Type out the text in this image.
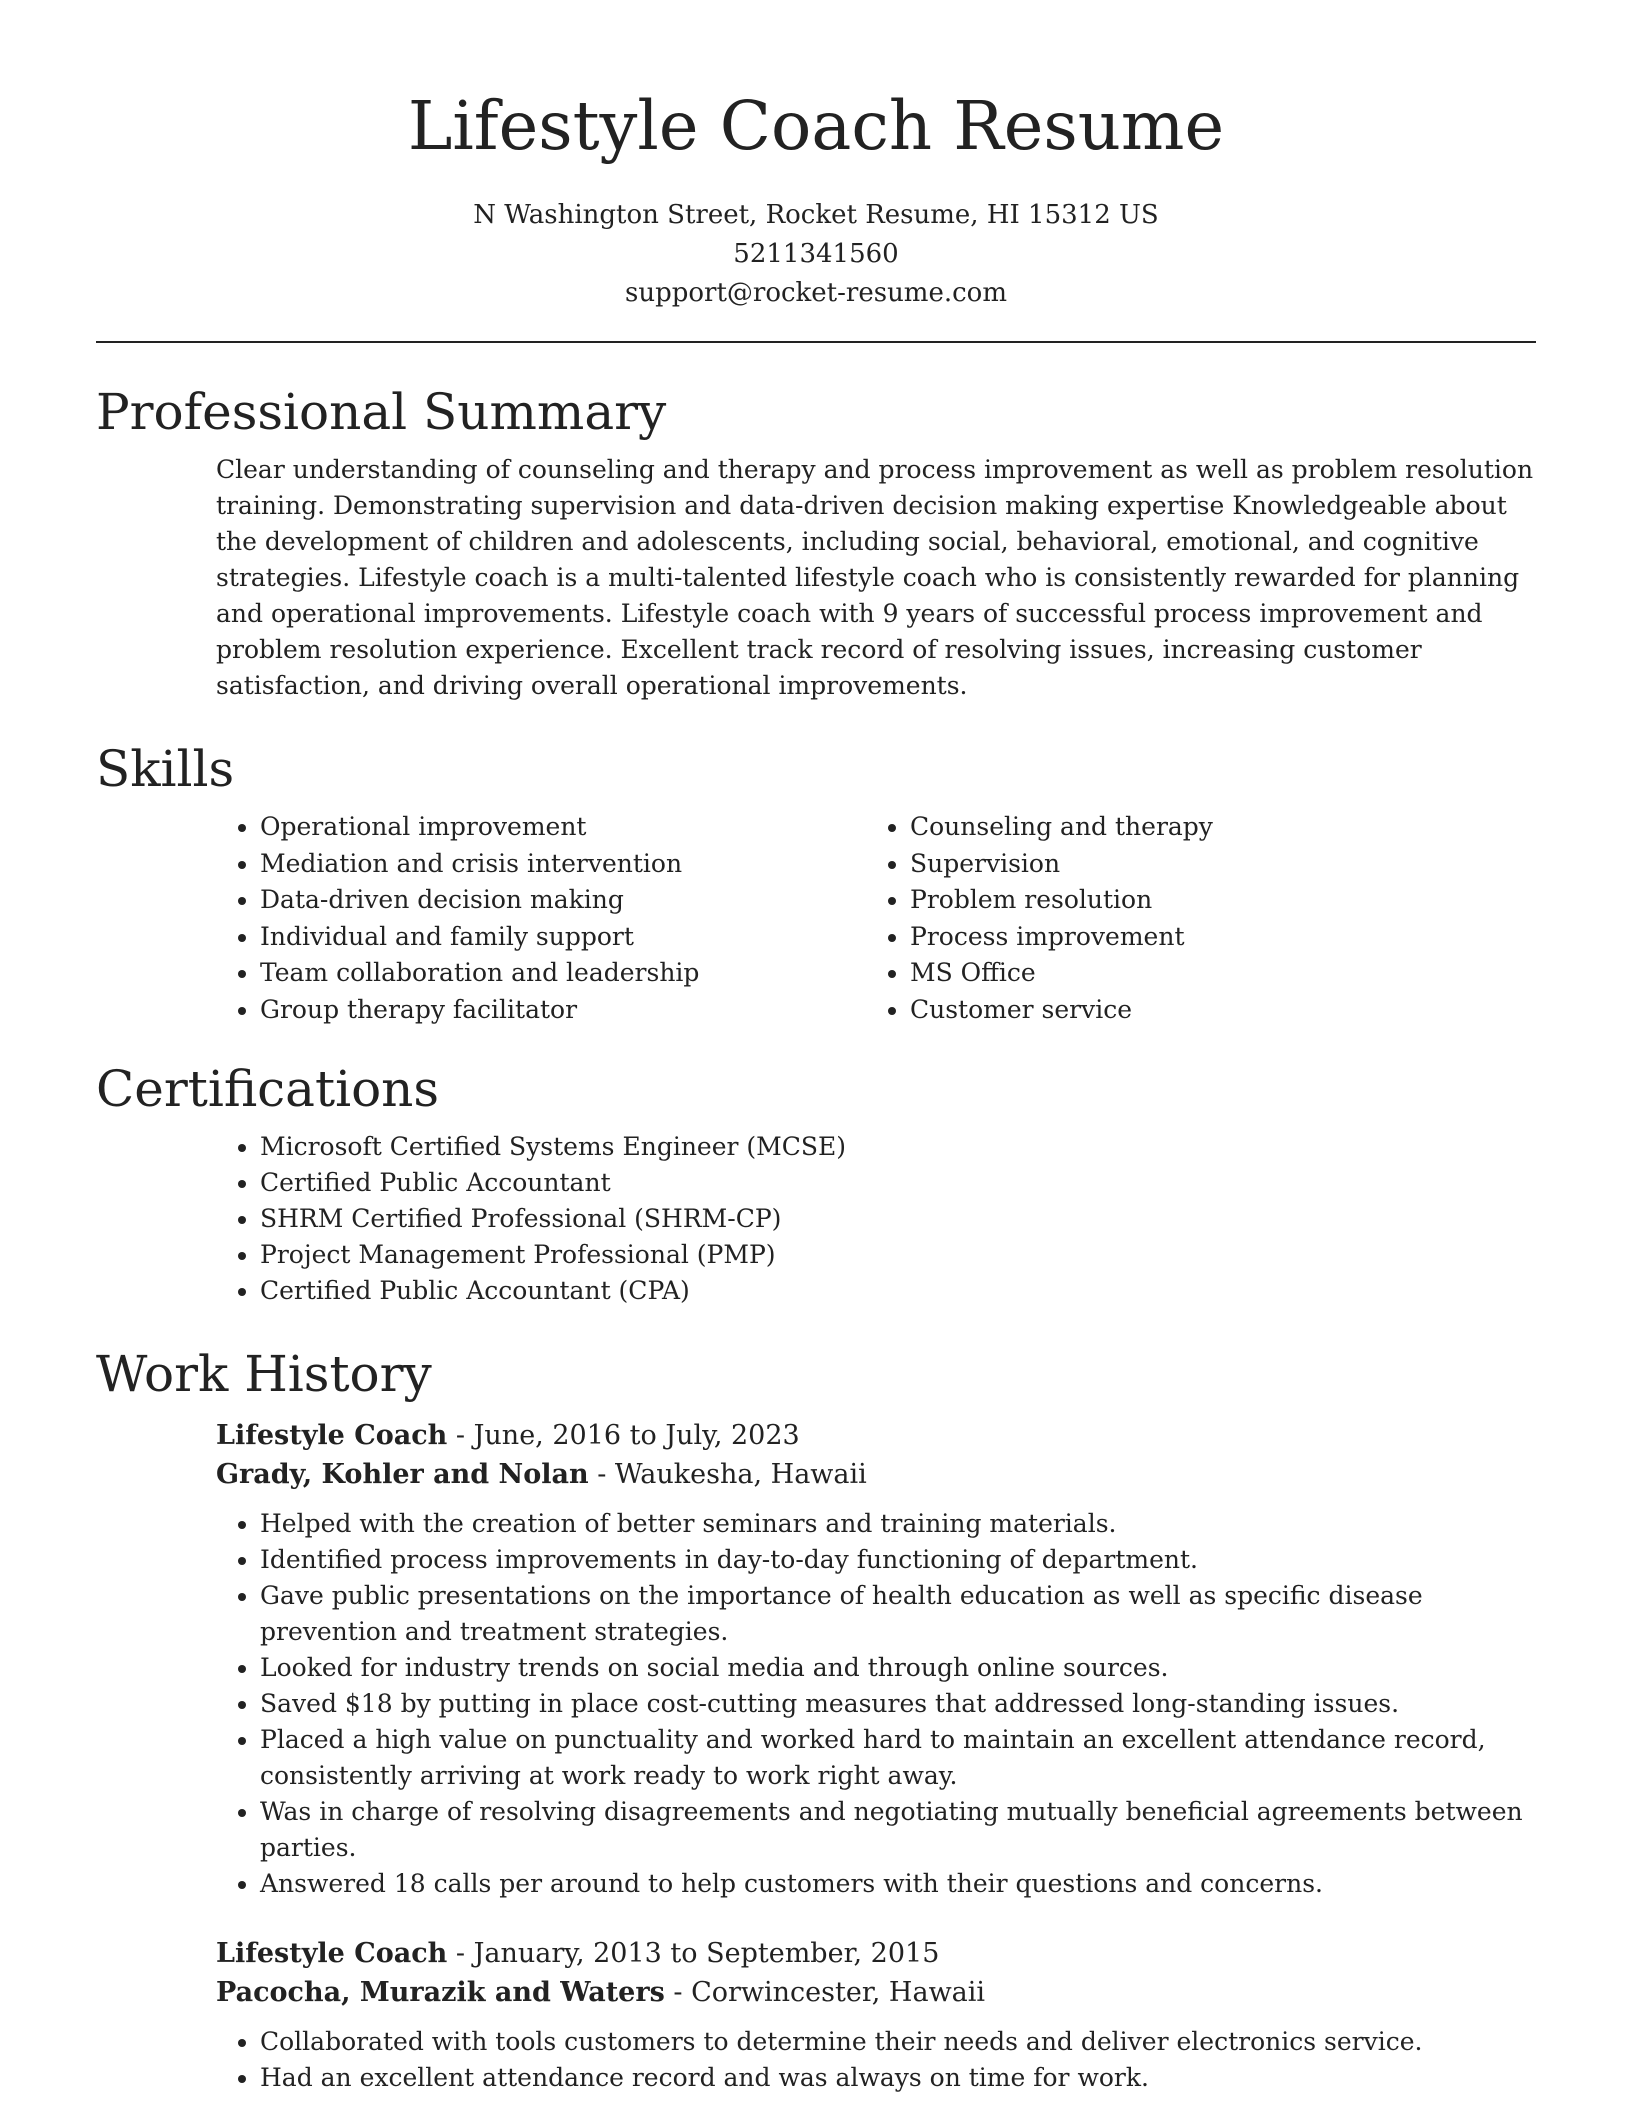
Lifestyle Coach Resume
N Washington Street, Rocket Resume, HI 15312 US
5211341560
support@rocket-resume.com
Professional Summary
Clear understanding of counseling and therapy and process improvement as well as problem resolution training. Demonstrating supervision and data-driven decision making expertise Knowledgeable about the development of children and adolescents, including social, behavioral, emotional, and cognitive strategies. Lifestyle coach is a multi-talented lifestyle coach who is consistently rewarded for planning and operational improvements. Lifestyle coach with 9 years of successful process improvement and problem resolution experience. Excellent track record of resolving issues, increasing customer satisfaction, and driving overall operational improvements.
Skills
• Operational improvement
• Mediation and crisis intervention
• Data-driven decision making
• Individual and family support
• Team collaboration and leadership
• Group therapy facilitator
• Counseling and therapy
• Supervision
• Problem resolution
• Process improvement
• MS Office
• Customer service
Certifications
• Microsoft Certified Systems Engineer (MCSE)
• Certified Public Accountant
• SHRM Certified Professional (SHRM-CP)
• Project Management Professional (PMP)
• Certified Public Accountant (CPA)
Work History
Lifestyle Coach - June, 2016 to July, 2023
Grady, Kohler and Nolan - Waukesha, Hawaii
• Helped with the creation of better seminars and training materials.
• Identified process improvements in day-to-day functioning of department.
• Gave public presentations on the importance of health education as well as specific disease prevention and treatment strategies.
• Looked for industry trends on social media and through online sources.
• Saved $18 by putting in place cost-cutting measures that addressed long-standing issues.
• Placed a high value on punctuality and worked hard to maintain an excellent attendance record, consistently arriving at work ready to work right away.
• Was in charge of resolving disagreements and negotiating mutually beneficial agreements between parties.
• Answered 18 calls per around to help customers with their questions and concerns.
Lifestyle Coach - January, 2013 to September, 2015
Pacocha, Murazik and Waters - Corwincester, Hawaii
• Collaborated with tools customers to determine their needs and deliver electronics service.
• Had an excellent attendance record and was always on time for work.
